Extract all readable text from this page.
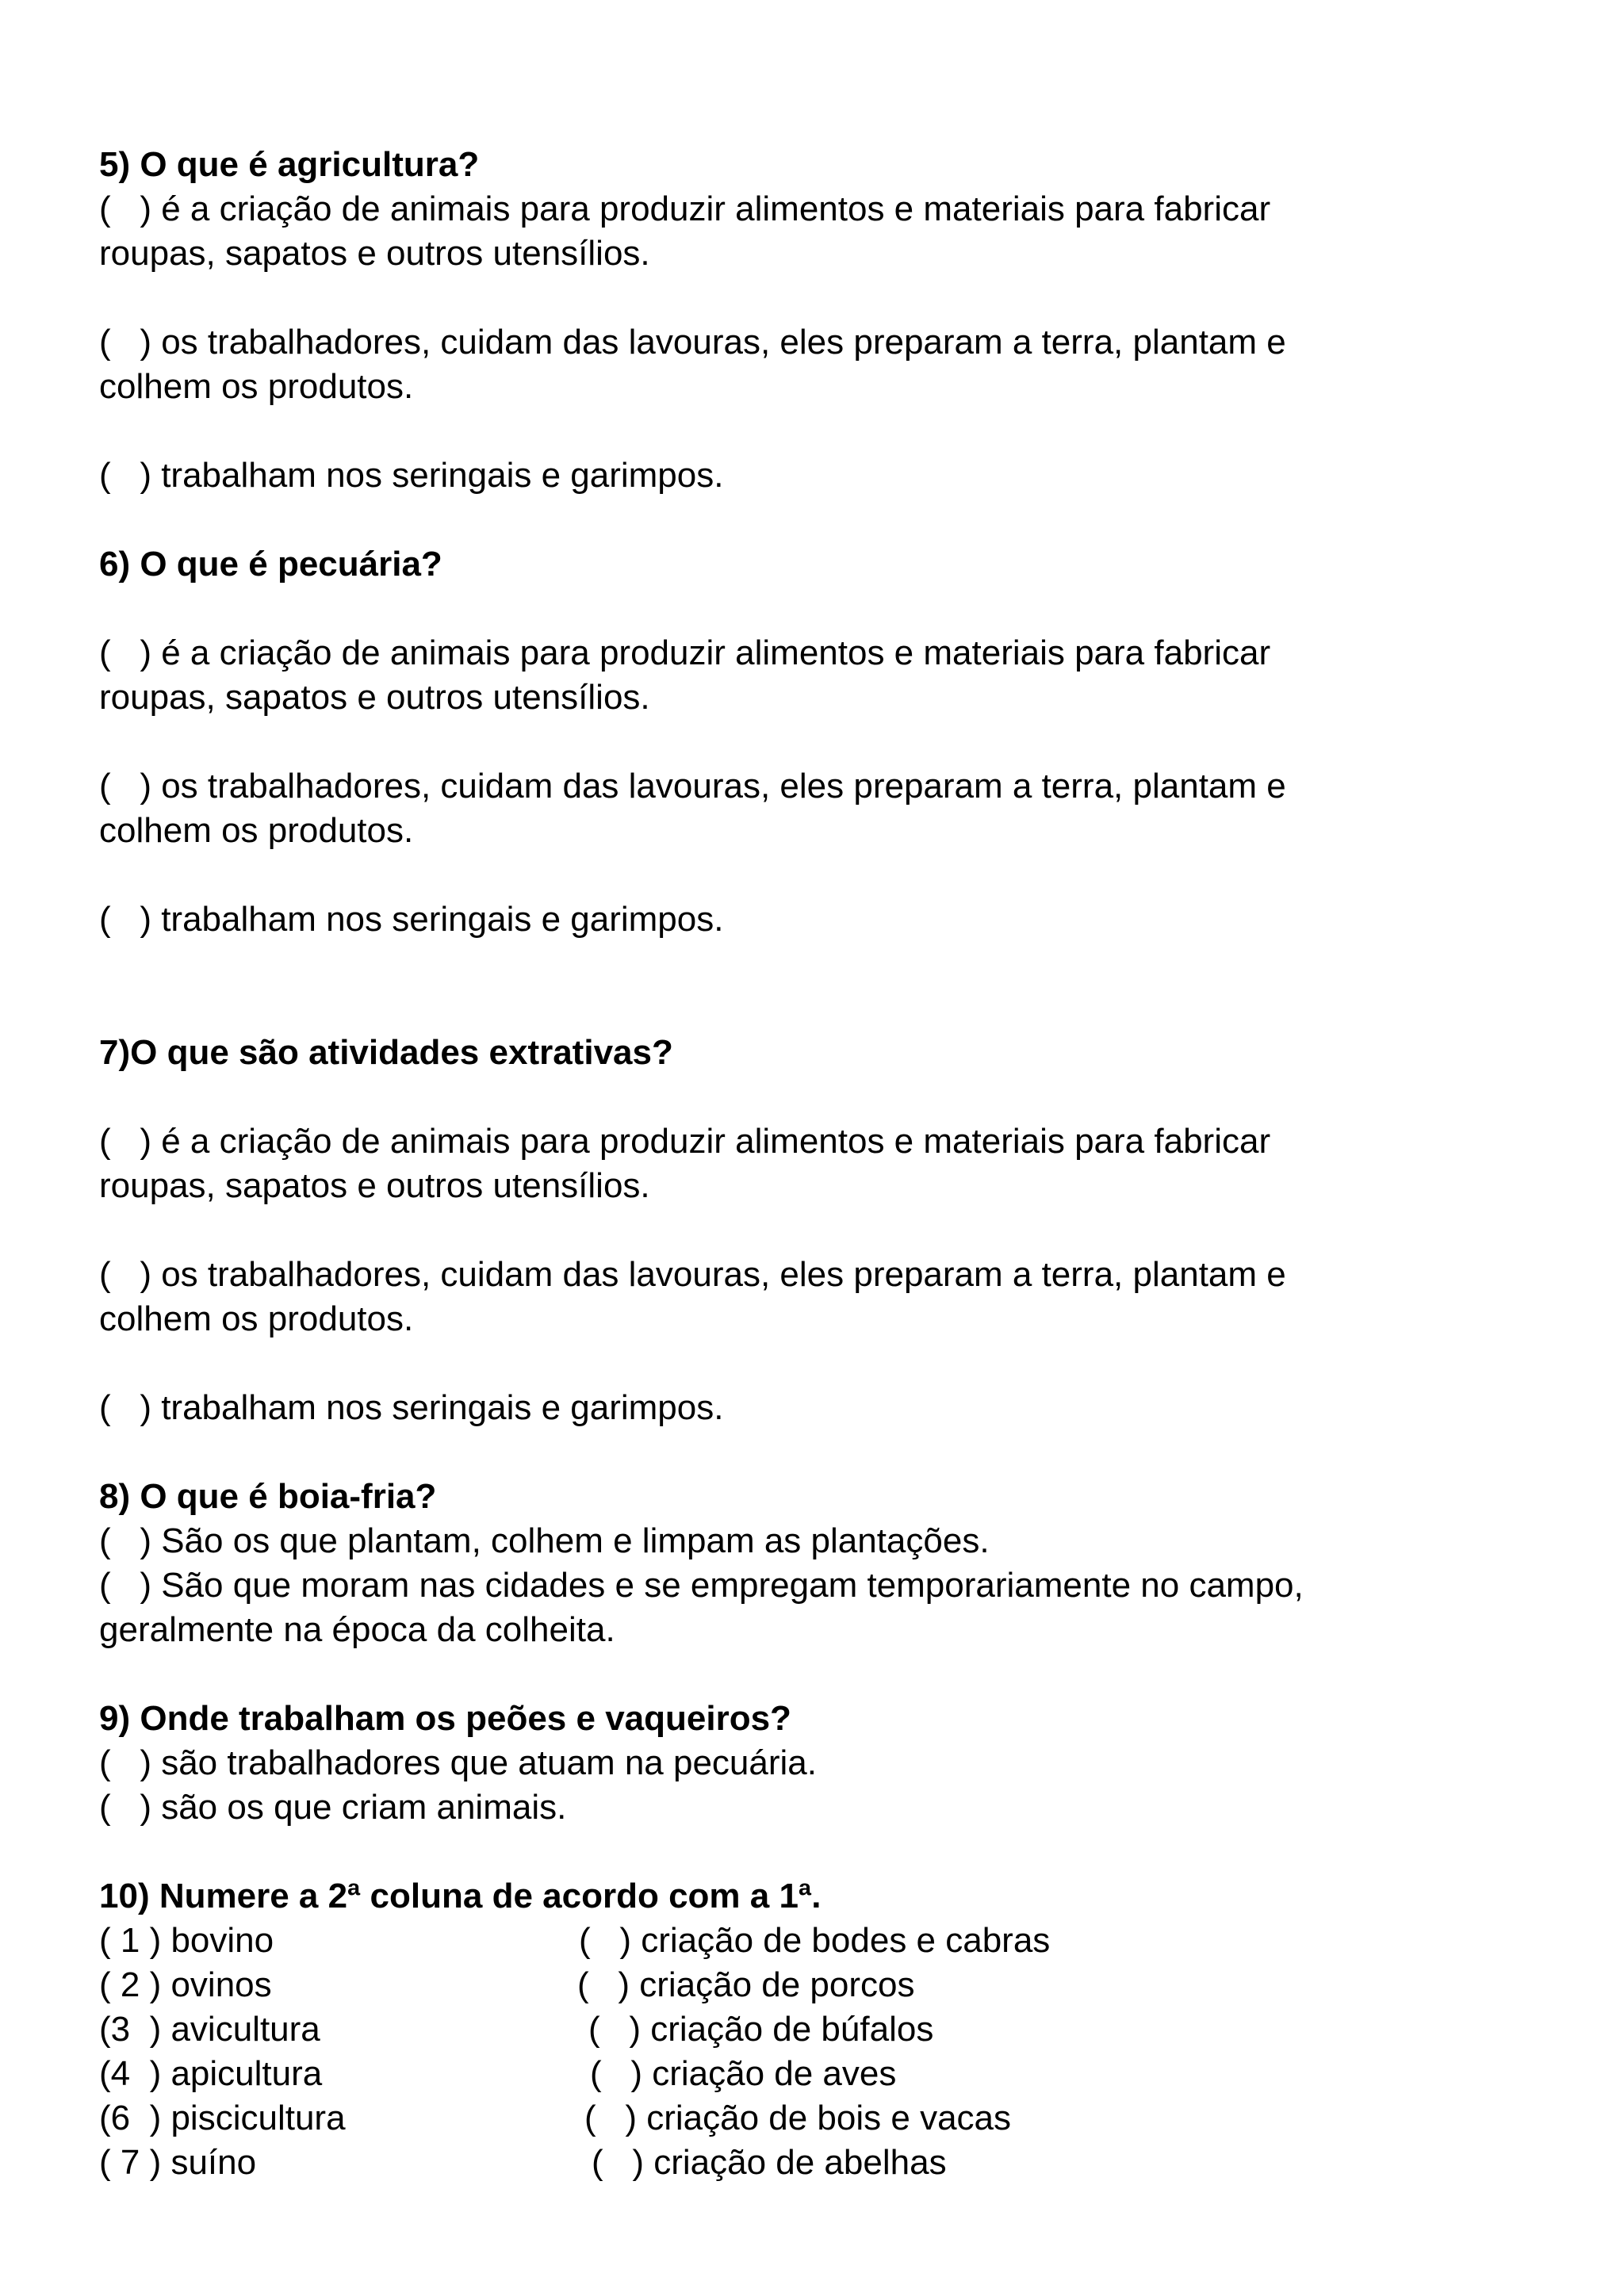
5) O que é agricultura?

(   ) é a criação de animais para produzir alimentos e materiais para fabricar

roupas, sapatos e outros utensílios.

(   ) os trabalhadores, cuidam das lavouras, eles preparam a terra, plantam e

colhem os produtos.

(   ) trabalham nos seringais e garimpos.

6) O que é pecuária?

(   ) é a criação de animais para produzir alimentos e materiais para fabricar

roupas, sapatos e outros utensílios.

(   ) os trabalhadores, cuidam das lavouras, eles preparam a terra, plantam e

colhem os produtos.

(   ) trabalham nos seringais e garimpos.

7)O que são atividades extrativas?

(   ) é a criação de animais para produzir alimentos e materiais para fabricar

roupas, sapatos e outros utensílios.

(   ) os trabalhadores, cuidam das lavouras, eles preparam a terra, plantam e

colhem os produtos.

(   ) trabalham nos seringais e garimpos.

8) O que é boia-fria?

(   ) São os que plantam, colhem e limpam as plantações.

(   ) São que moram nas cidades e se empregam temporariamente no campo,

geralmente na época da colheita.

9) Onde trabalham os peões e vaqueiros?

(   ) são trabalhadores que atuam na pecuária.

(   ) são os que criam animais.

10) Numere a 2ª coluna de acordo com a 1ª.

( 1 ) bovino

( 2 ) ovinos

(3  ) avicultura

(4  ) apicultura

(6  ) piscicultura

( 7 ) suíno

(   ) criação de bodes e cabras

(   ) criação de porcos

(   ) criação de búfalos

(   ) criação de aves

(   ) criação de bois e vacas

(   ) criação de abelhas
